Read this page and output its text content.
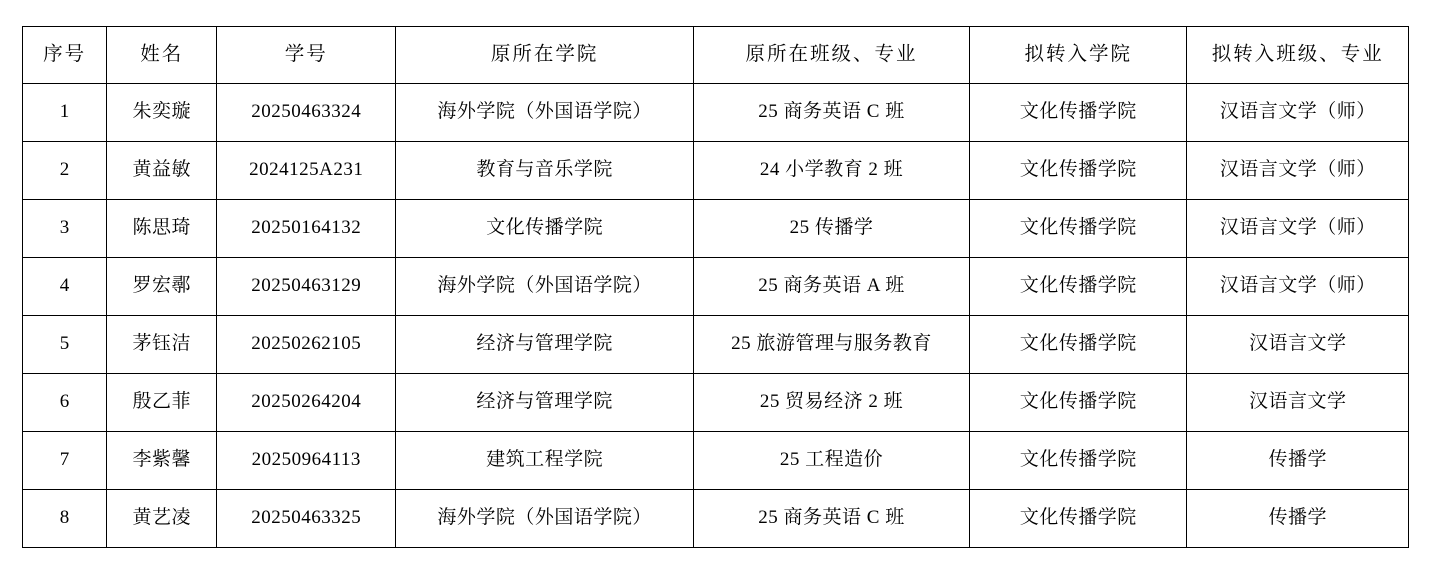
序号	姓名	学号	原所在学院	原所在班级、专业	拟转入学院	拟转入班级、专业
1	朱奕璇	20250463324	海外学院（外国语学院）	25 商务英语 C 班	文化传播学院	汉语言文学（师）
2	黄益敏	2024125A231	教育与音乐学院	24 小学教育 2 班	文化传播学院	汉语言文学（师）
3	陈思琦	20250164132	文化传播学院	25 传播学	文化传播学院	汉语言文学（师）
4	罗宏鄩	20250463129	海外学院（外国语学院）	25 商务英语 A 班	文化传播学院	汉语言文学（师）
5	茅钰洁	20250262105	经济与管理学院	25 旅游管理与服务教育	文化传播学院	汉语言文学
6	殷乙菲	20250264204	经济与管理学院	25 贸易经济 2 班	文化传播学院	汉语言文学
7	李紫馨	20250964113	建筑工程学院	25 工程造价	文化传播学院	传播学
8	黄艺凌	20250463325	海外学院（外国语学院）	25 商务英语 C 班	文化传播学院	传播学
